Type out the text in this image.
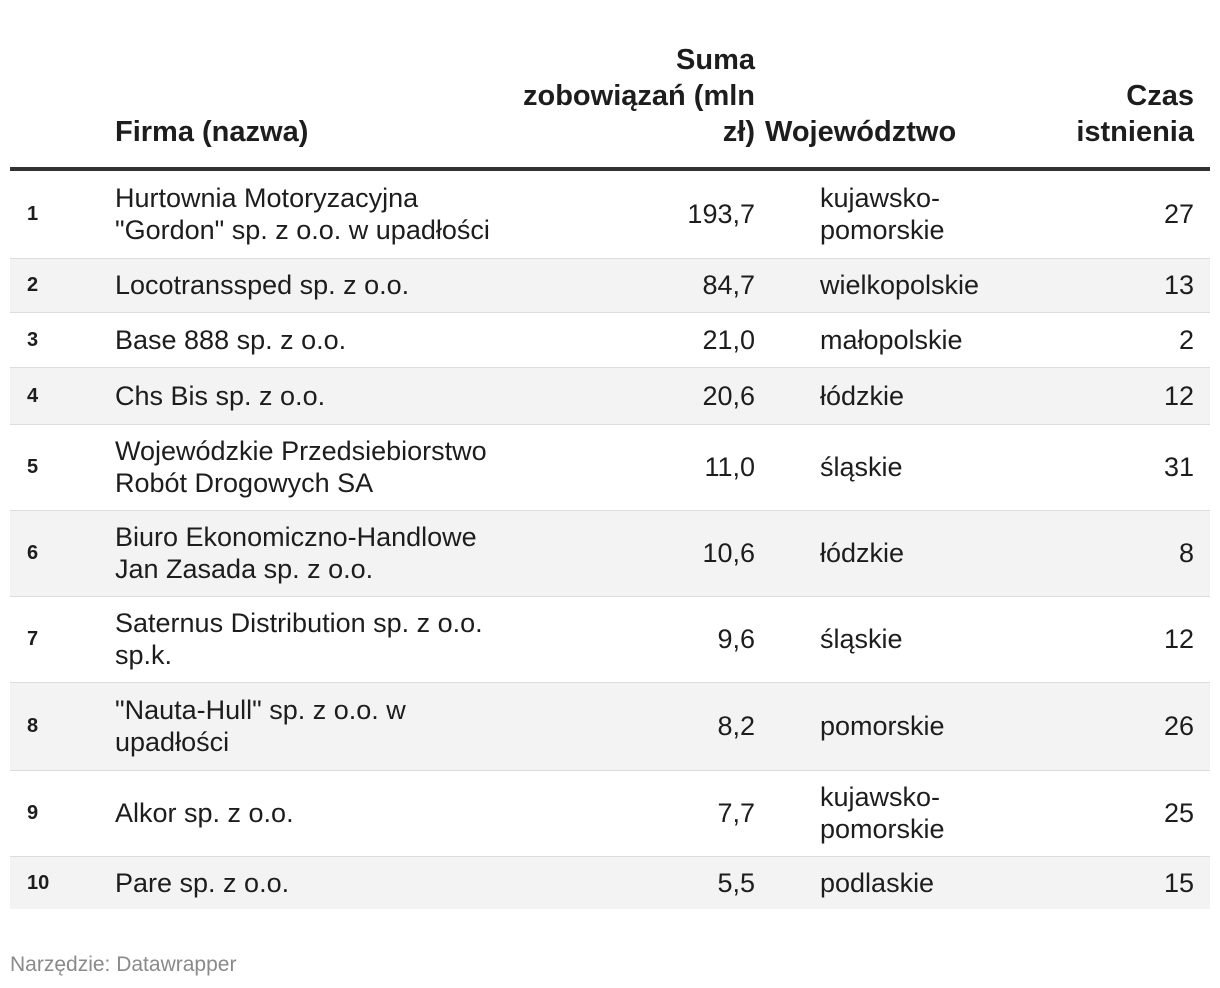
	Firma (nazwa)	Suma zobowiązań (mln zł)	Województwo	Czas istnienia
1	Hurtownia Motoryzacyjna "Gordon" sp. z o.o. w upadłości	193,7	kujawsko-pomorskie	27
2	Locotranssped sp. z o.o.	84,7	wielkopolskie	13
3	Base 888 sp. z o.o.	21,0	małopolskie	2
4	Chs Bis sp. z o.o.	20,6	łódzkie	12
5	Wojewódzkie Przedsiebiorstwo Robót Drogowych SA	11,0	śląskie	31
6	Biuro Ekonomiczno-Handlowe Jan Zasada sp. z o.o.	10,6	łódzkie	8
7	Saternus Distribution sp. z o.o. sp.k.	9,6	śląskie	12
8	"Nauta-Hull" sp. z o.o. w upadłości	8,2	pomorskie	26
9	Alkor sp. z o.o.	7,7	kujawsko-pomorskie	25
10	Pare sp. z o.o.	5,5	podlaskie	15
Narzędzie: Datawrapper
